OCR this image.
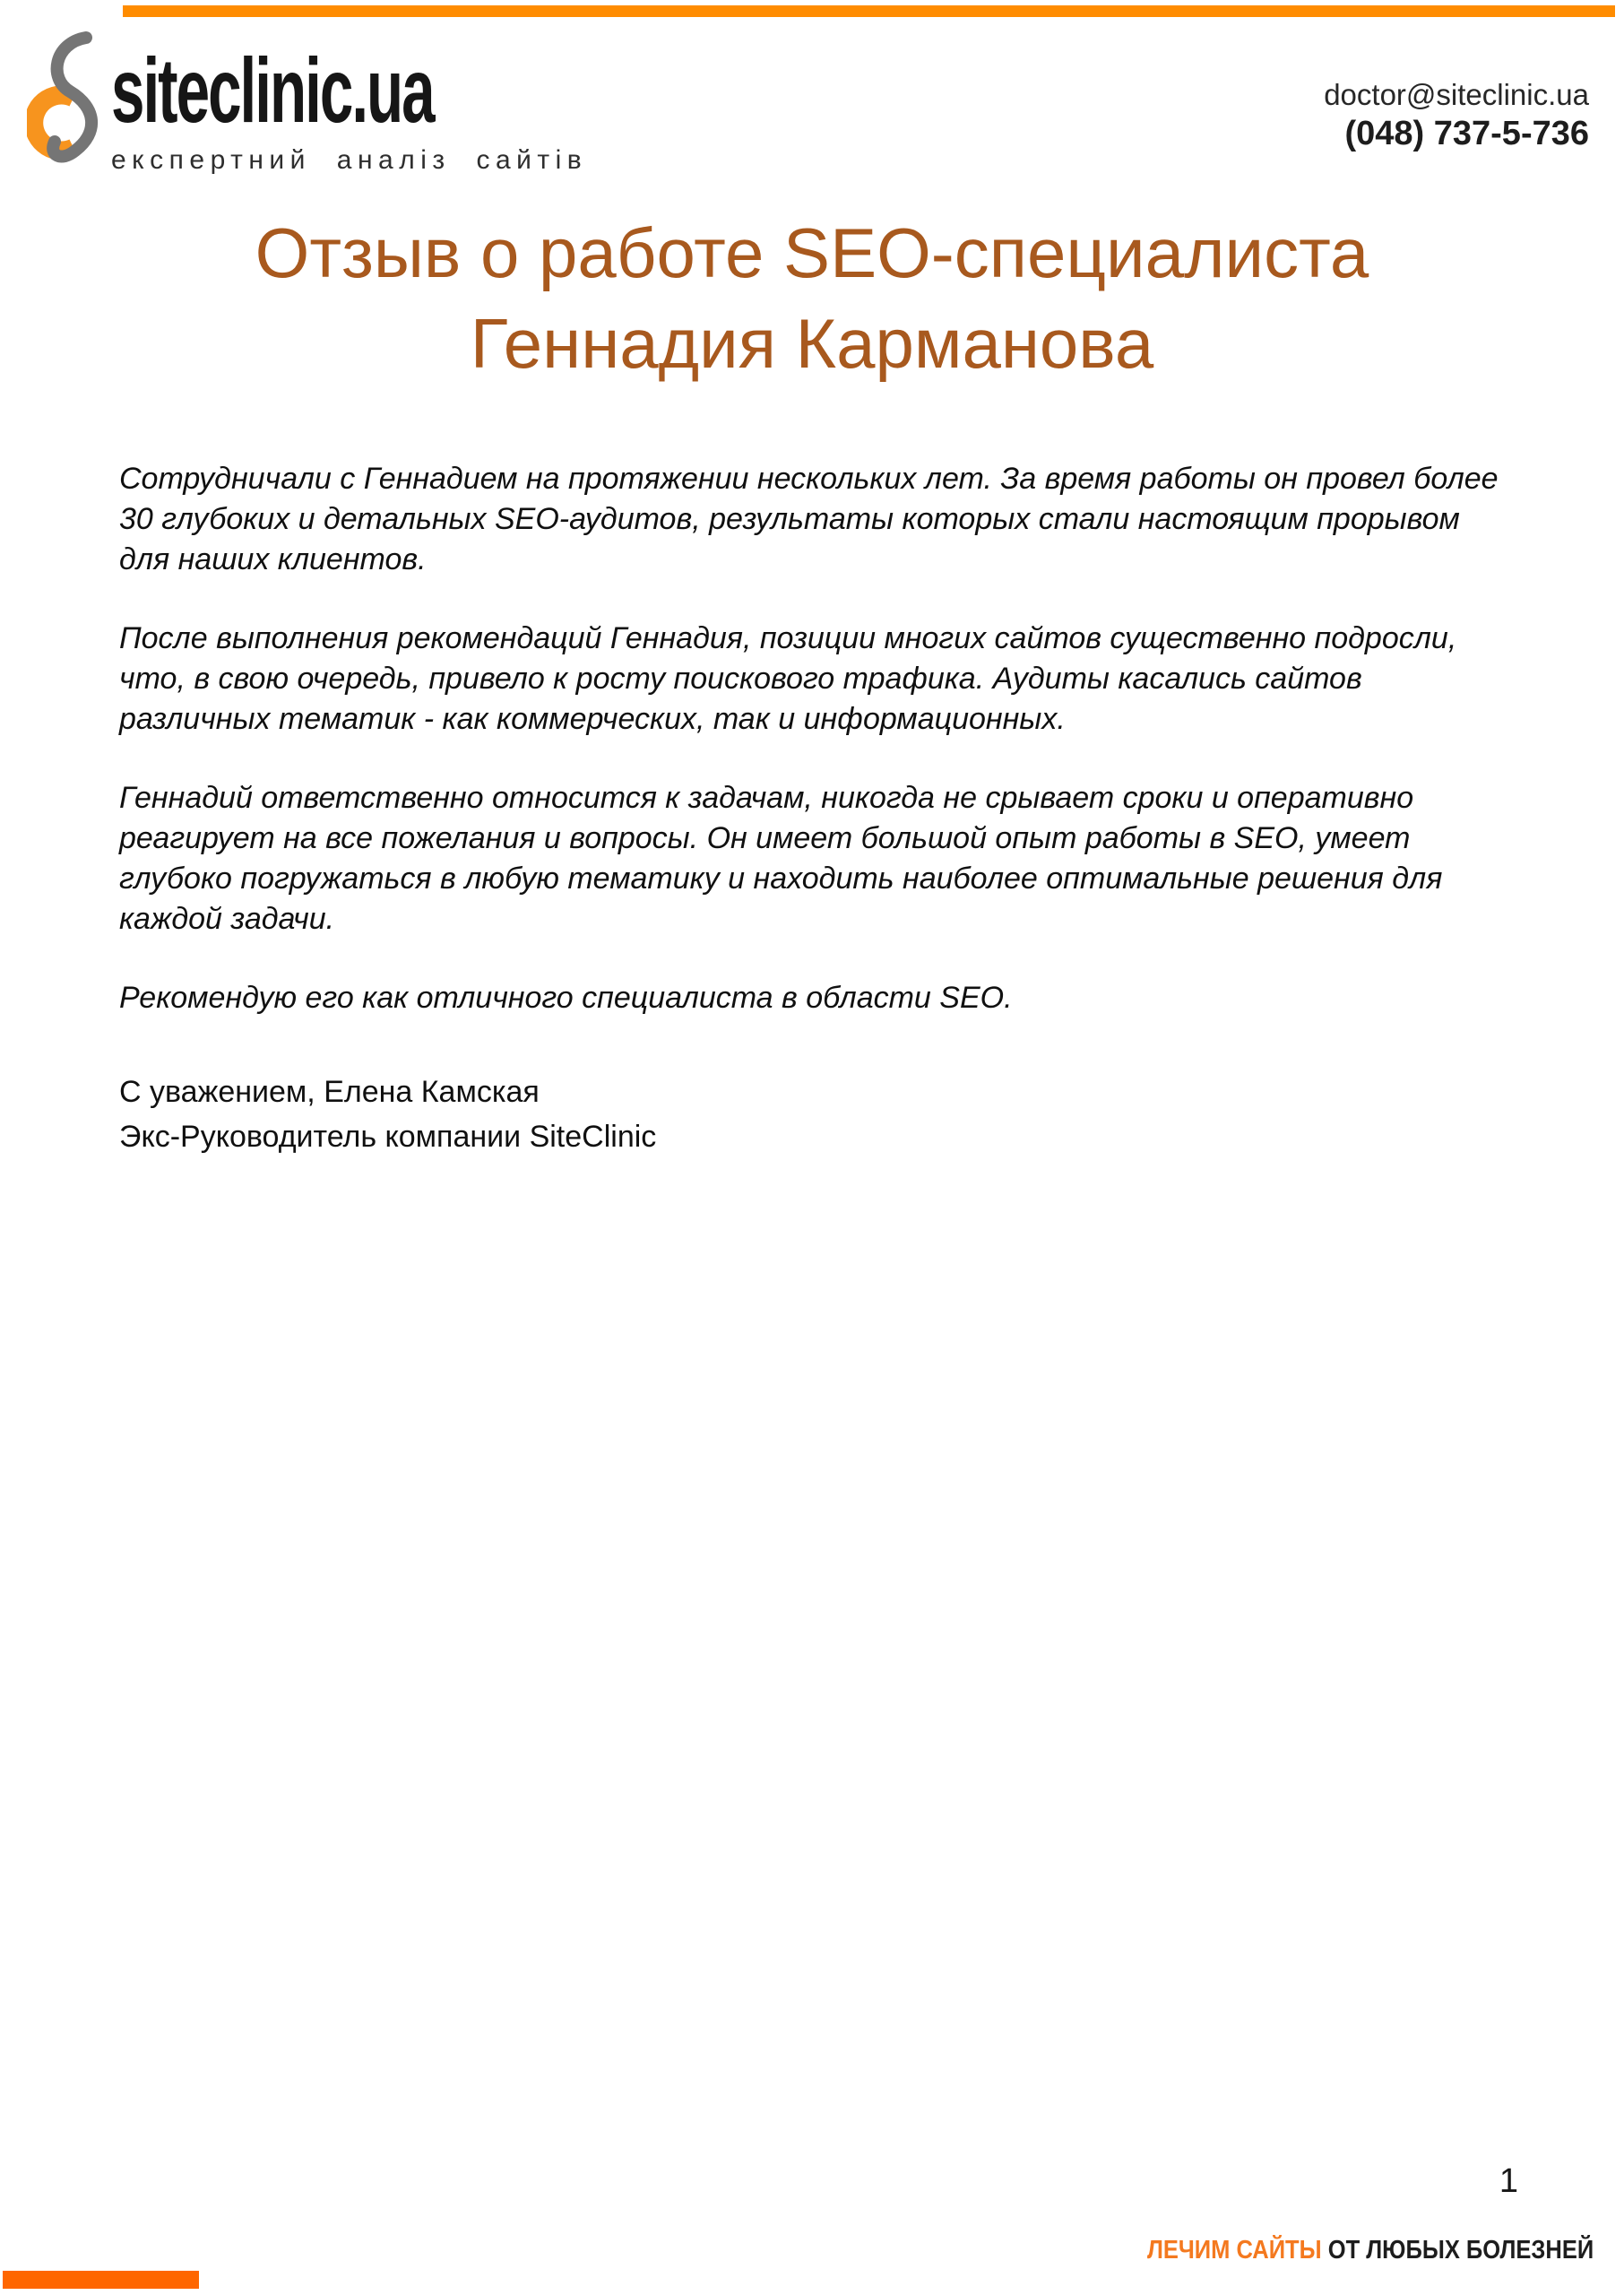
siteclinic.ua
експертний аналіз сайтів
doctor@siteclinic.ua
(048) 737-5-736
Отзыв о работе SEO-специалиста
Геннадия Карманова

Сотрудничали с Геннадием на протяжении нескольких лет. За время работы он провел более 30 глубоких и детальных SEO-аудитов, результаты которых стали настоящим прорывом для наших клиентов.

После выполнения рекомендаций Геннадия, позиции многих сайтов существенно подросли, что, в свою очередь, привело к росту поискового трафика. Аудиты касались сайтов различных тематик - как коммерческих, так и информационных.

Геннадий ответственно относится к задачам, никогда не срывает сроки и оперативно реагирует на все пожелания и вопросы. Он имеет большой опыт работы в SEO, умеет глубоко погружаться в любую тематику и находить наиболее оптимальные решения для каждой задачи.

Рекомендую его как отличного специалиста в области SEO.

С уважением, Елена Камская
Экс-Руководитель компании SiteClinic
1
ЛЕЧИМ САЙТЫ ОТ ЛЮБЫХ БОЛЕЗНЕЙ
